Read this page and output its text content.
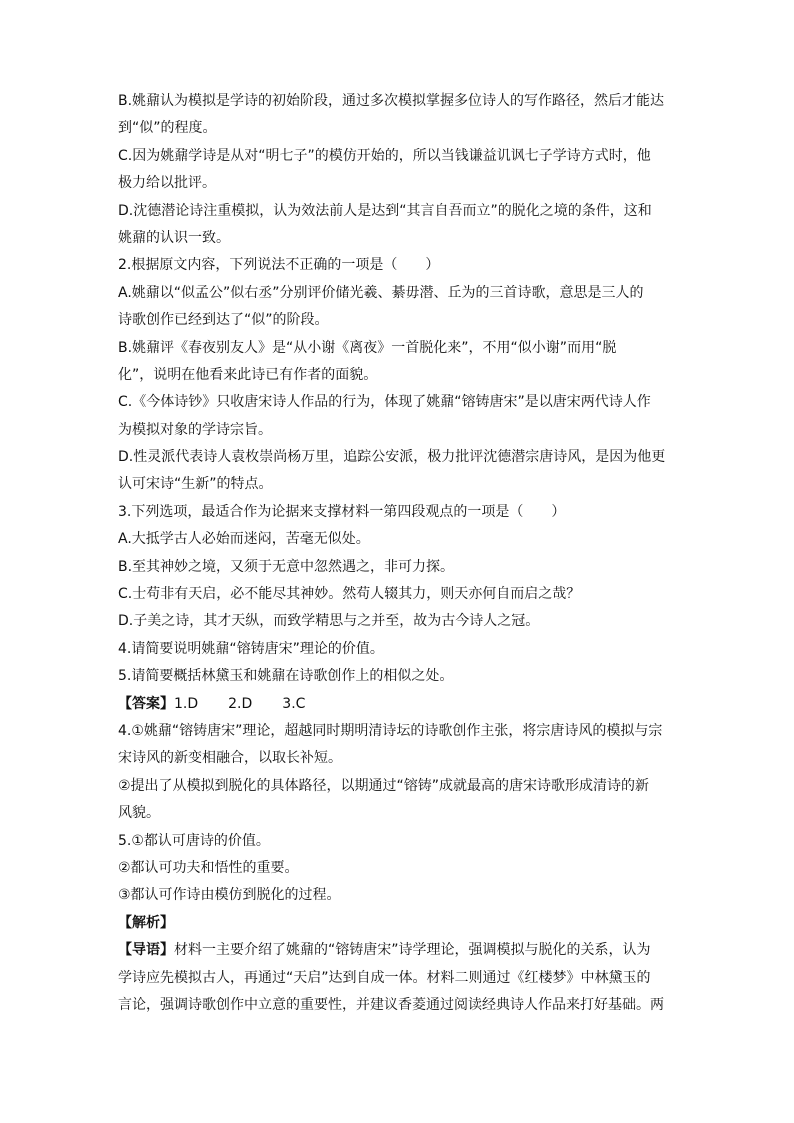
B.姚鼐认为模拟是学诗的初始阶段，通过多次模拟掌握多位诗人的写作路径，然后才能达
到“似”的程度。
C.因为姚鼐学诗是从对“明七子”的模仿开始的，所以当钱谦益讥讽七子学诗方式时，他
极力给以批评。
D.沈德潜论诗注重模拟，认为效法前人是达到“其言自吾而立”的脱化之境的条件，这和
姚鼐的认识一致。
2.根据原文内容，下列说法不正确的一项是（　　）
A.姚鼐以“似孟公”似右丞”分别评价储光羲、綦毋潜、丘为的三首诗歌，意思是三人的
诗歌创作已经到达了“似”的阶段。
B.姚鼐评《春夜别友人》是“从小谢《离夜》一首脱化来”，不用“似小谢”而用“脱
化”，说明在他看来此诗已有作者的面貌。
C.《今体诗钞》只收唐宋诗人作品的行为，体现了姚鼐“镕铸唐宋”是以唐宋两代诗人作
为模拟对象的学诗宗旨。
D.性灵派代表诗人袁枚崇尚杨万里，追踪公安派，极力批评沈德潜宗唐诗风，是因为他更
认可宋诗“生新”的特点。
3.下列选项，最适合作为论据来支撑材料一第四段观点的一项是（　　）
A.大抵学古人必始而迷闷，苦毫无似处。
B.至其神妙之境，又须于无意中忽然遇之，非可力探。
C.士苟非有天启，必不能尽其神妙。然苟人辍其力，则天亦何自而启之哉？
D.子美之诗，其才天纵，而致学精思与之并至，故为古今诗人之冠。
4.请简要说明姚鼐“镕铸唐宋”理论的价值。
5.请简要概括林黛玉和姚鼐在诗歌创作上的相似之处。
【答案】1.D 2.D 3.C
4.①姚鼐“镕铸唐宋”理论，超越同时期明清诗坛的诗歌创作主张，将宗唐诗风的模拟与宗
宋诗风的新变相融合，以取长补短。
②提出了从模拟到脱化的具体路径，以期通过“镕铸”成就最高的唐宋诗歌形成清诗的新
风貌。
5.①都认可唐诗的价值。
②都认可功夫和悟性的重要。
③都认可作诗由模仿到脱化的过程。
【解析】
【导语】材料一主要介绍了姚鼐的“镕铸唐宋”诗学理论，强调模拟与脱化的关系，认为
学诗应先模拟古人，再通过“天启”达到自成一体。材料二则通过《红楼梦》中林黛玉的
言论，强调诗歌创作中立意的重要性，并建议香菱通过阅读经典诗人作品来打好基础。两
